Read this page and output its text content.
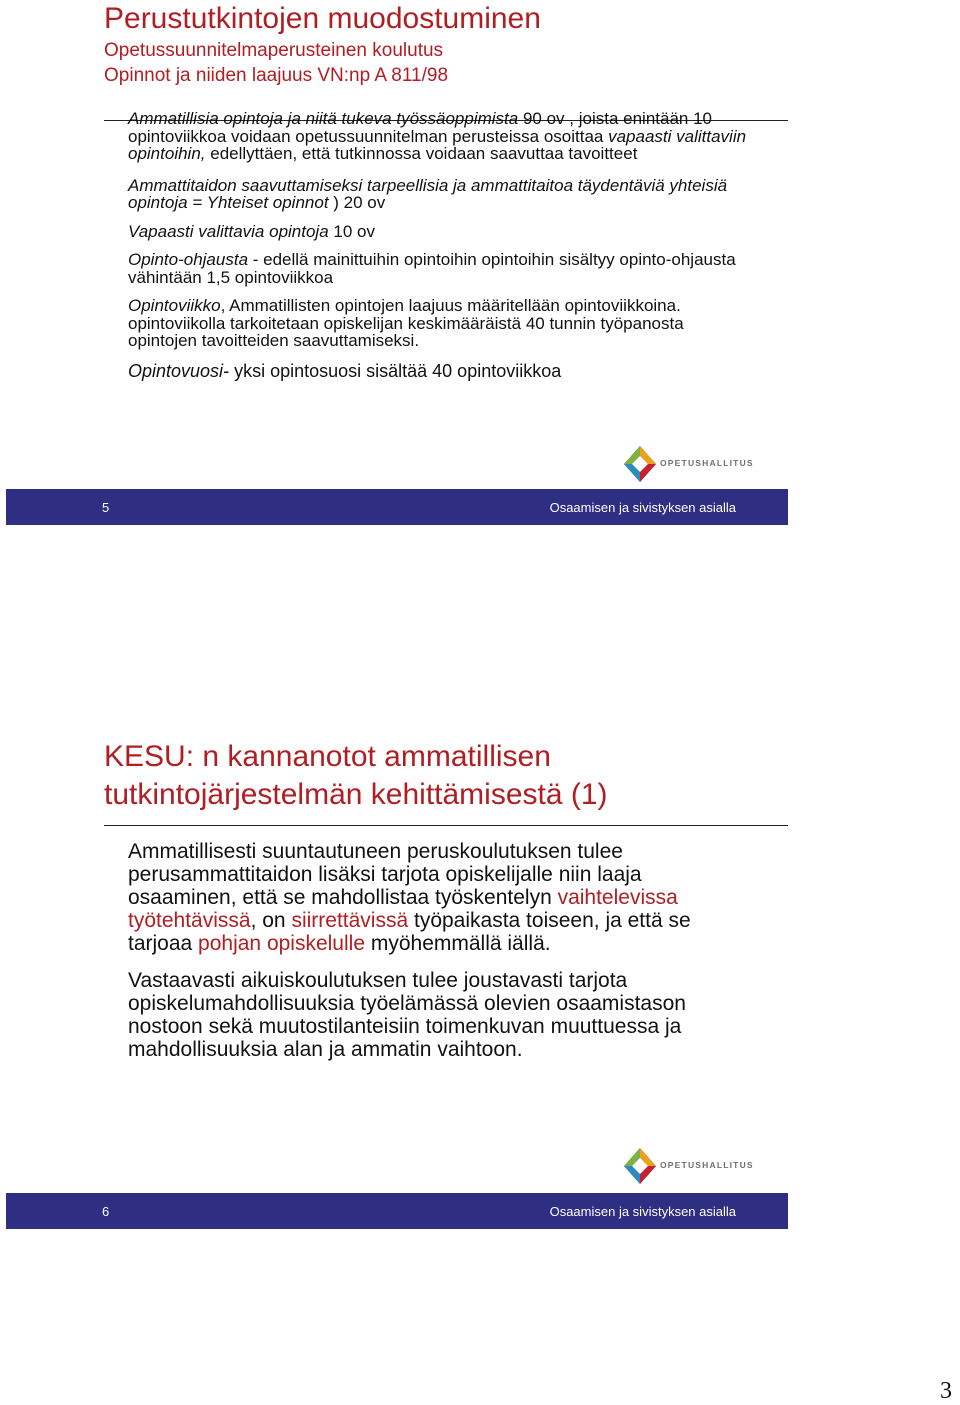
Perustutkintojen muodostuminen
Opetussuunnitelmaperusteinen koulutus
Opinnot ja niiden laajuus VN:np A 811/98

Ammatillisia opintoja ja niitä tukeva työssäoppimista 90 ov , joista enintään 10 opintoviikkoa voidaan opetussuunnitelman perusteissa osoittaa vapaasti valittaviin opintoihin, edellyttäen, että tutkinnossa voidaan saavuttaa tavoitteet

Ammattitaidon saavuttamiseksi tarpeellisia ja ammattitaitoa täydentäviä yhteisiä opintoja = Yhteiset opinnot ) 20 ov

Vapaasti valittavia opintoja 10 ov

Opinto-ohjausta - edellä mainittuihin opintoihin opintoihin sisältyy opinto-ohjausta vähintään 1,5 opintoviikkoa

Opintoviikko, Ammatillisten opintojen laajuus määritellään opintoviikkoina. opintoviikolla tarkoitetaan opiskelijan keskimääräistä 40 tunnin työpanosta opintojen tavoitteiden saavuttamiseksi.

Opintovuosi- yksi opintosuosi sisältää 40 opintoviikkoa

OPETUSHALLITUS
5	Osaamisen ja sivistyksen asialla
KESU: n kannanotot ammatillisen tutkintojärjestelmän kehittämisestä (1)

Ammatillisesti suuntautuneen peruskoulutuksen tulee perusammattitaidon lisäksi tarjota opiskelijalle niin laaja osaaminen, että se mahdollistaa työskentelyn vaihtelevissa työtehtävissä, on siirrettävissä työpaikasta toiseen, ja että se tarjoaa pohjan opiskelulle myöhemmällä iällä.

Vastaavasti aikuiskoulutuksen tulee joustavasti tarjota opiskelumahdollisuuksia työelämässä olevien osaamistason nostoon sekä muutostilanteisiin toimenkuvan muuttuessa ja mahdollisuuksia alan ja ammatin vaihtoon.

OPETUSHALLITUS
6	Osaamisen ja sivistyksen asialla
3
